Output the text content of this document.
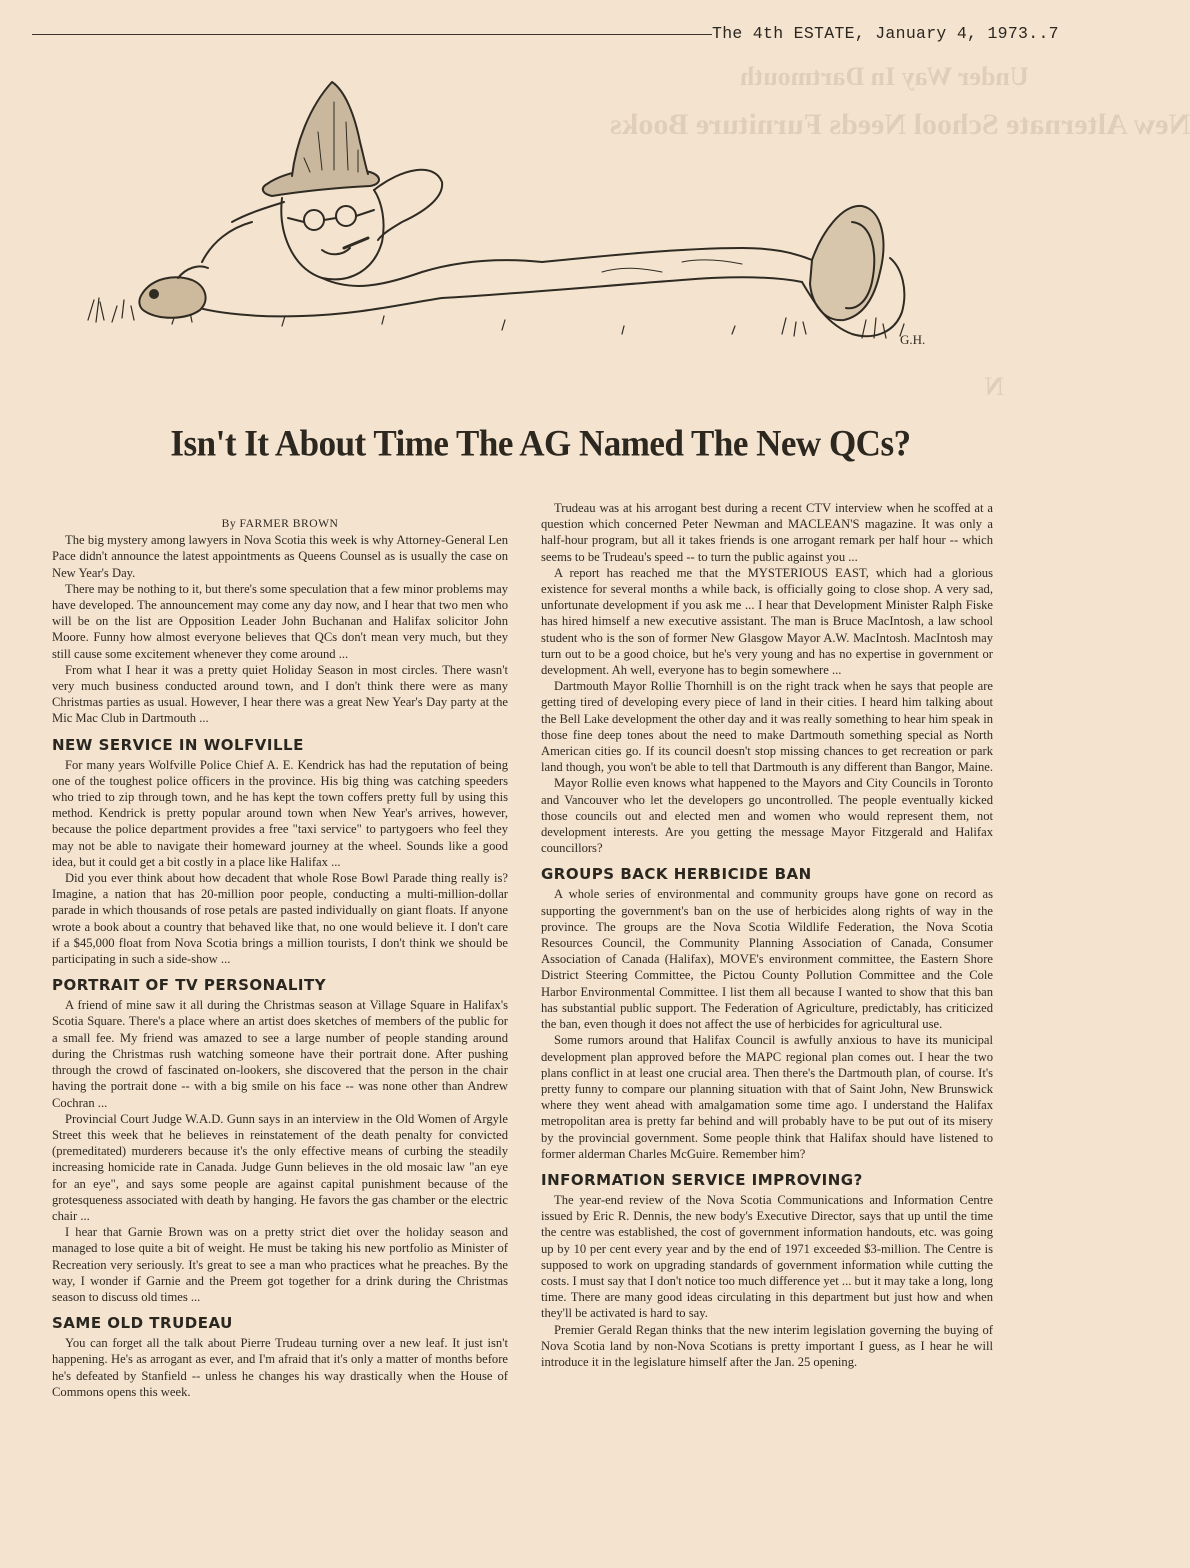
The 4th ESTATE, January 4, 1973..7
Under Way In Dartmouth
New Alternate School Needs Furniture Books
N
G.H.
Isn't It About Time The AG Named The New QCs?

By FARMER BROWN

The big mystery among lawyers in Nova Scotia this week is why Attorney-General Len Pace didn't announce the latest appointments as Queens Counsel as is usually the case on New Year's Day.

There may be nothing to it, but there's some speculation that a few minor problems may have developed. The announcement may come any day now, and I hear that two men who will be on the list are Opposition Leader John Buchanan and Halifax solicitor John Moore. Funny how almost everyone believes that QCs don't mean very much, but they still cause some excitement whenever they come around ...

From what I hear it was a pretty quiet Holiday Season in most circles. There wasn't very much business conducted around town, and I don't think there were as many Christmas parties as usual. However, I hear there was a great New Year's Day party at the Mic Mac Club in Dartmouth ...

NEW SERVICE IN WOLFVILLE

For many years Wolfville Police Chief A. E. Kendrick has had the reputation of being one of the toughest police officers in the province. His big thing was catching speeders who tried to zip through town, and he has kept the town coffers pretty full by using this method. Kendrick is pretty popular around town when New Year's arrives, however, because the police department provides a free "taxi service" to partygoers who feel they may not be able to navigate their homeward journey at the wheel. Sounds like a good idea, but it could get a bit costly in a place like Halifax ...

Did you ever think about how decadent that whole Rose Bowl Parade thing really is? Imagine, a nation that has 20-million poor people, conducting a multi-million-dollar parade in which thousands of rose petals are pasted individually on giant floats. If anyone wrote a book about a country that behaved like that, no one would believe it. I don't care if a $45,000 float from Nova Scotia brings a million tourists, I don't think we should be participating in such a side-show ...

PORTRAIT OF TV PERSONALITY

A friend of mine saw it all during the Christmas season at Village Square in Halifax's Scotia Square. There's a place where an artist does sketches of members of the public for a small fee. My friend was amazed to see a large number of people standing around during the Christmas rush watching someone have their portrait done. After pushing through the crowd of fascinated on-lookers, she discovered that the person in the chair having the portrait done -- with a big smile on his face -- was none other than Andrew Cochran ...

Provincial Court Judge W.A.D. Gunn says in an interview in the Old Women of Argyle Street this week that he believes in reinstatement of the death penalty for convicted (premeditated) murderers because it's the only effective means of curbing the steadily increasing homicide rate in Canada. Judge Gunn believes in the old mosaic law "an eye for an eye", and says some people are against capital punishment because of the grotesqueness associated with death by hanging. He favors the gas chamber or the electric chair ...

I hear that Garnie Brown was on a pretty strict diet over the holiday season and managed to lose quite a bit of weight. He must be taking his new portfolio as Minister of Recreation very seriously. It's great to see a man who practices what he preaches. By the way, I wonder if Garnie and the Preem got together for a drink during the Christmas season to discuss old times ...

SAME OLD TRUDEAU

You can forget all the talk about Pierre Trudeau turning over a new leaf. It just isn't happening. He's as arrogant as ever, and I'm afraid that it's only a matter of months before he's defeated by Stanfield -- unless he changes his way drastically when the House of Commons opens this week.

Trudeau was at his arrogant best during a recent CTV interview when he scoffed at a question which concerned Peter Newman and MACLEAN'S magazine. It was only a half-hour program, but all it takes friends is one arrogant remark per half hour -- which seems to be Trudeau's speed -- to turn the public against you ...

A report has reached me that the MYSTERIOUS EAST, which had a glorious existence for several months a while back, is officially going to close shop. A very sad, unfortunate development if you ask me ... I hear that Development Minister Ralph Fiske has hired himself a new executive assistant. The man is Bruce MacIntosh, a law school student who is the son of former New Glasgow Mayor A.W. MacIntosh. MacIntosh may turn out to be a good choice, but he's very young and has no expertise in government or development. Ah well, everyone has to begin somewhere ...

Dartmouth Mayor Rollie Thornhill is on the right track when he says that people are getting tired of developing every piece of land in their cities. I heard him talking about the Bell Lake development the other day and it was really something to hear him speak in those fine deep tones about the need to make Dartmouth something special as North American cities go. If its council doesn't stop missing chances to get recreation or park land though, you won't be able to tell that Dartmouth is any different than Bangor, Maine.

Mayor Rollie even knows what happened to the Mayors and City Councils in Toronto and Vancouver who let the developers go uncontrolled. The people eventually kicked those councils out and elected men and women who would represent them, not development interests. Are you getting the message Mayor Fitzgerald and Halifax councillors?

GROUPS BACK HERBICIDE BAN

A whole series of environmental and community groups have gone on record as supporting the government's ban on the use of herbicides along rights of way in the province. The groups are the Nova Scotia Wildlife Federation, the Nova Scotia Resources Council, the Community Planning Association of Canada, Consumer Association of Canada (Halifax), MOVE's environment committee, the Eastern Shore District Steering Committee, the Pictou County Pollution Committee and the Cole Harbor Environmental Committee. I list them all because I wanted to show that this ban has substantial public support. The Federation of Agriculture, predictably, has criticized the ban, even though it does not affect the use of herbicides for agricultural use.

Some rumors around that Halifax Council is awfully anxious to have its municipal development plan approved before the MAPC regional plan comes out. I hear the two plans conflict in at least one crucial area. Then there's the Dartmouth plan, of course. It's pretty funny to compare our planning situation with that of Saint John, New Brunswick where they went ahead with amalgamation some time ago. I understand the Halifax metropolitan area is pretty far behind and will probably have to be put out of its misery by the provincial government. Some people think that Halifax should have listened to former alderman Charles McGuire. Remember him?

INFORMATION SERVICE IMPROVING?

The year-end review of the Nova Scotia Communications and Information Centre issued by Eric R. Dennis, the new body's Executive Director, says that up until the time the centre was established, the cost of government information handouts, etc. was going up by 10 per cent every year and by the end of 1971 exceeded $3-million. The Centre is supposed to work on upgrading standards of government information while cutting the costs. I must say that I don't notice too much difference yet ... but it may take a long, long time. There are many good ideas circulating in this department but just how and when they'll be activated is hard to say.

Premier Gerald Regan thinks that the new interim legislation governing the buying of Nova Scotia land by non-Nova Scotians is pretty important I guess, as I hear he will introduce it in the legislature himself after the Jan. 25 opening.
